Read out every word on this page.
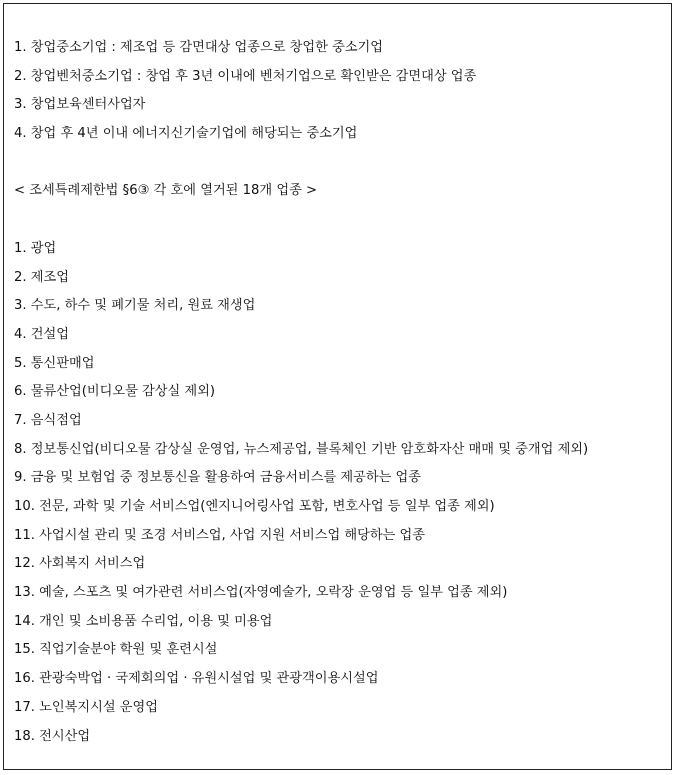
1. 창업중소기업 : 제조업 등 감면대상 업종으로 창업한 중소기업
2. 창업벤처중소기업 : 창업 후 3년 이내에 벤처기업으로 확인받은 감면대상 업종
3. 창업보육센터사업자
4. 창업 후 4년 이내 에너지신기술기업에 해당되는 중소기업
< 조세특례제한법 §6③ 각 호에 열거된 18개 업종 >
1. 광업
2. 제조업
3. 수도, 하수 및 폐기물 처리, 원료 재생업
4. 건설업
5. 통신판매업
6. 물류산업(비디오물 감상실 제외)
7. 음식점업
8. 정보통신업(비디오물 감상실 운영업, 뉴스제공업, 블록체인 기반 암호화자산 매매 및 중개업 제외)
9. 금융 및 보험업 중 정보통신을 활용하여 금융서비스를 제공하는 업종
10. 전문, 과학 및 기술 서비스업(엔지니어링사업 포함, 변호사업 등 일부 업종 제외)
11. 사업시설 관리 및 조경 서비스업, 사업 지원 서비스업 해당하는 업종
12. 사회복지 서비스업
13. 예술, 스포츠 및 여가관련 서비스업(자영예술가, 오락장 운영업 등 일부 업종 제외)
14. 개인 및 소비용품 수리업, 이용 및 미용업
15. 직업기술분야 학원 및 훈련시설
16. 관광숙박업 · 국제회의업 · 유원시설업 및 관광객이용시설업
17. 노인복지시설 운영업
18. 전시산업
